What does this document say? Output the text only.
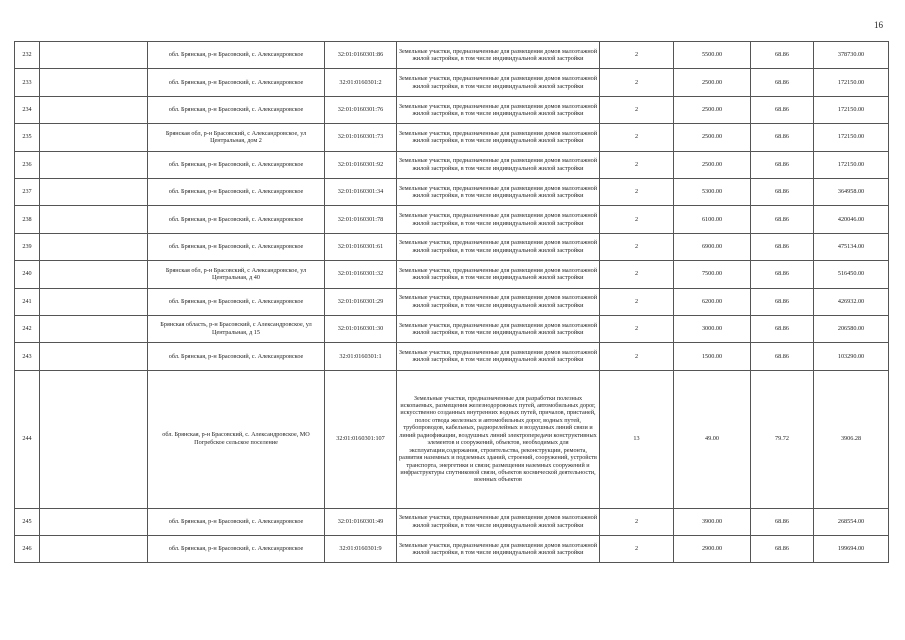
16
232		обл. Брянская, р-н Брасовский, с. Александровское	32:01:0160301:86	Земельные участки, предназначенные для размещения домов малоэтажной жилой застройки, в том числе индивидуальной жилой застройки	2	5500.00	68.86	378730.00
233		обл. Брянская, р-н Брасовский, с. Александровское	32:01:0160301:2	Земельные участки, предназначенные для размещения домов малоэтажной жилой застройки, в том числе индивидуальной жилой застройки	2	2500.00	68.86	172150.00
234		обл. Брянская, р-н Брасовский, с. Александровское	32:01:0160301:76	Земельные участки, предназначенные для размещения домов малоэтажной жилой застройки, в том числе индивидуальной жилой застройки	2	2500.00	68.86	172150.00
235		Брянская обл, р-н Брасовский, с Александровское, ул Центральная, дом 2	32:01:0160301:73	Земельные участки, предназначенные для размещения домов малоэтажной жилой застройки, в том числе индивидуальной жилой застройки	2	2500.00	68.86	172150.00
236		обл. Брянская, р-н Брасовский, с. Александровское	32:01:0160301:92	Земельные участки, предназначенные для размещения домов малоэтажной жилой застройки, в том числе индивидуальной жилой застройки	2	2500.00	68.86	172150.00
237		обл. Брянская, р-н Брасовский, с. Александровское	32:01:0160301:34	Земельные участки, предназначенные для размещения домов малоэтажной жилой застройки, в том числе индивидуальной жилой застройки	2	5300.00	68.86	364958.00
238		обл. Брянская, р-н Брасовский, с. Александровское	32:01:0160301:78	Земельные участки, предназначенные для размещения домов малоэтажной жилой застройки, в том числе индивидуальной жилой застройки	2	6100.00	68.86	420046.00
239		обл. Брянская, р-н Брасовский, с. Александровское	32:01:0160301:61	Земельные участки, предназначенные для размещения домов малоэтажной жилой застройки, в том числе индивидуальной жилой застройки	2	6900.00	68.86	475134.00
240		Брянская обл, р-н Брасовский, с Александровское, ул Центральная, д 40	32:01:0160301:32	Земельные участки, предназначенные для размещения домов малоэтажной жилой застройки, в том числе индивидуальной жилой застройки	2	7500.00	68.86	516450.00
241		обл. Брянская, р-н Брасовский, с. Александровское	32:01:0160301:29	Земельные участки, предназначенные для размещения домов малоэтажной жилой застройки, в том числе индивидуальной жилой застройки	2	6200.00	68.86	426932.00
242		Брянская область, р-н Брасовский, с Александровское, ул Центральная, д 15	32:01:0160301:30	Земельные участки, предназначенные для размещения домов малоэтажной жилой застройки, в том числе индивидуальной жилой застройки	2	3000.00	68.86	206580.00
243		обл. Брянская, р-н Брасовский, с. Александровское	32:01:0160301:1	Земельные участки, предназначенные для размещения домов малоэтажной жилой застройки, в том числе индивидуальной жилой застройки	2	1500.00	68.86	103290.00
244		обл. Брянская, р-н Брасовский, с. Александровское, МО Погребское сельское поселение	32:01:0160301:107	Земельные участки, предназначенные для разработки полезных ископаемых, размещения железнодорожных путей, автомобильных дорог, искусственно созданных внутренних водных путей, причалов, пристаней, полос отвода железных и автомобильных дорог, водных путей, трубопроводов, кабельных, радиорелейных и воздушных линий связи и линий радиофикации, воздушных линий электропередачи конструктивных элементов и сооружений, объектов, необходимых для эксплуатации,содержания, строительства, реконструкции, ремонта, развития наземных и подземных зданий, строений, сооружений, устройств транспорта, энергетики и связи; размещения наземных сооружений и инфраструктуры спутниковой связи, объектов космической деятельности, военных объектов	13	49.00	79.72	3906.28
245		обл. Брянская, р-н Брасовский, с. Александровское	32:01:0160301:49	Земельные участки, предназначенные для размещения домов малоэтажной жилой застройки, в том числе индивидуальной жилой застройки	2	3900.00	68.86	268554.00
246		обл. Брянская, р-н Брасовский, с. Александровское	32:01:0160301:9	Земельные участки, предназначенные для размещения домов малоэтажной жилой застройки, в том числе индивидуальной жилой застройки	2	2900.00	68.86	199694.00
